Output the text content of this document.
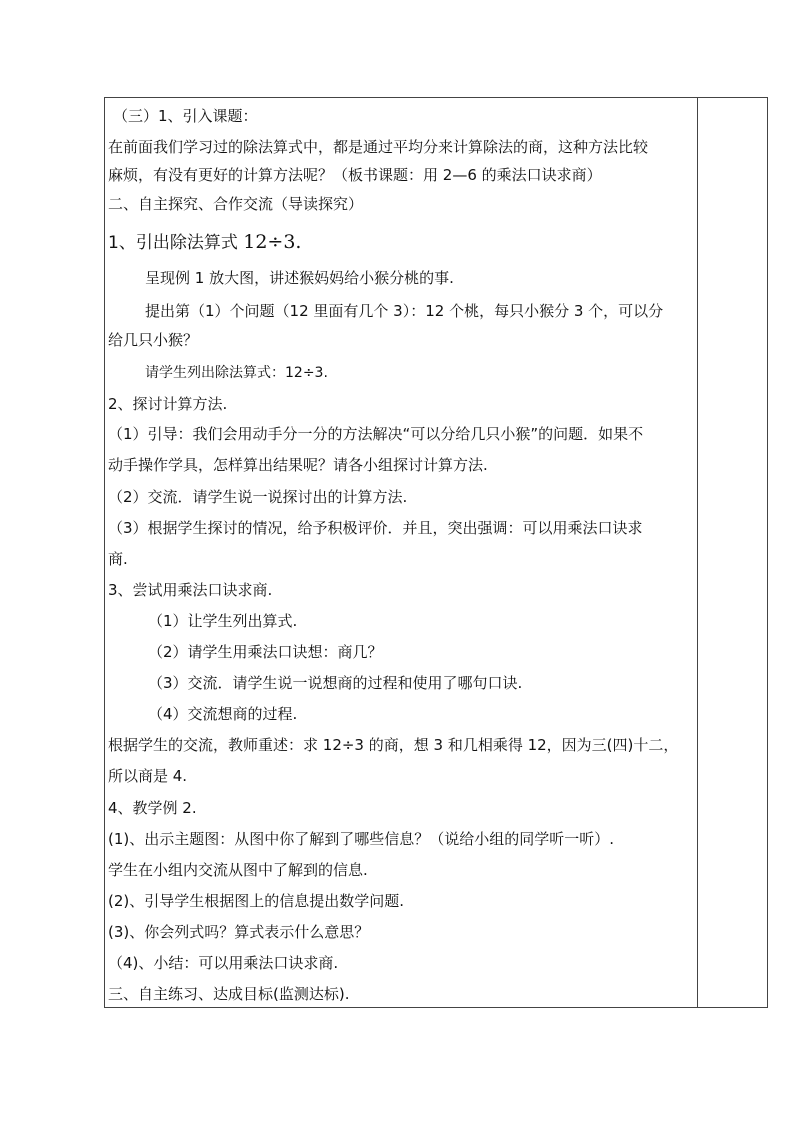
（三）1、引入课题：
在前面我们学习过的除法算式中，都是通过平均分来计算除法的商，这种方法比较
麻烦，有没有更好的计算方法呢？（板书课题：用 2—6 的乘法口诀求商）
二、自主探究、合作交流（导读探究）
1、引出除法算式 12÷3.
呈现例 1 放大图，讲述猴妈妈给小猴分桃的事.
提出第（1）个问题（12 里面有几个 3）：12 个桃，每只小猴分 3 个，可以分
给几只小猴？
请学生列出除法算式：12÷3.
2、探讨计算方法.
（1）引导：我们会用动手分一分的方法解决“可以分给几只小猴”的问题．如果不
动手操作学具，怎样算出结果呢？请各小组探讨计算方法.
（2）交流．请学生说一说探讨出的计算方法.
（3）根据学生探讨的情况，给予积极评价．并且，突出强调：可以用乘法口诀求
商.
3、尝试用乘法口诀求商.
（1）让学生列出算式.
（2）请学生用乘法口诀想：商几？
（3）交流．请学生说一说想商的过程和使用了哪句口诀.
（4）交流想商的过程.
根据学生的交流，教师重述：求 12÷3 的商，想 3 和几相乘得 12，因为三(四)十二，
所以商是 4.
4、教学例 2.
(1)、出示主题图：从图中你了解到了哪些信息？（说给小组的同学听一听）.
学生在小组内交流从图中了解到的信息.
(2)、引导学生根据图上的信息提出数学问题.
(3)、你会列式吗？算式表示什么意思？
（4)、小结：可以用乘法口诀求商.
三、自主练习、达成目标(监测达标).
